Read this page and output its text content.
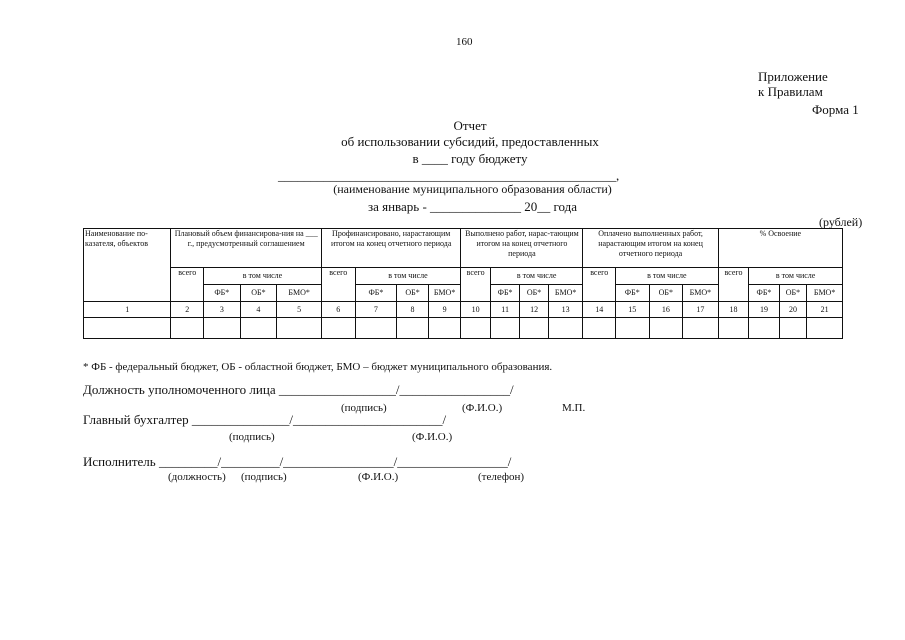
160
Приложение
к Правилам
Форма 1
Отчет
об использовании субсидий, предоставленных
в ____ году бюджету
____________________________________________________,
(наименование муниципального образования области)
за январь - ______________ 20__ года
(рублей)
Наименование по-казателя, объектов	Плановый объем финансирова-ния на ___ г., предусмотренный соглашением				Профинансировано, нарастающим итогом на конец отчетного периода				Выполнено работ, нарас-тающим итогом на конец отчетного периода				Оплачено выполненных работ, нарастающим итогом на конец отчетного периода				% Освоение			
	всего	в том числе			всего	в том числе			всего	в том числе			всего	в том числе			всего	в том числе		
		ФБ*	ОБ*	БМО*		ФБ*	ОБ*	БМО*		ФБ*	ОБ*	БМО*		ФБ*	ОБ*	БМО*		ФБ*	ОБ*	БМО*
1	2	3	4	5	6	7	8	9	10	11	12	13	14	15	16	17	18	19	20	21

* ФБ - федеральный бюджет, ОБ - областной бюджет, БМО – бюджет муниципального образования.
Должность уполномоченного лица __________________/_________________/
(подпись)	(Ф.И.О.)	М.П.
Главный бухгалтер _______________/_______________________/
(подпись)	(Ф.И.О.)
Исполнитель _________/_________/_________________/_________________/
(должность) (подпись)	(Ф.И.О.)	(телефон)
